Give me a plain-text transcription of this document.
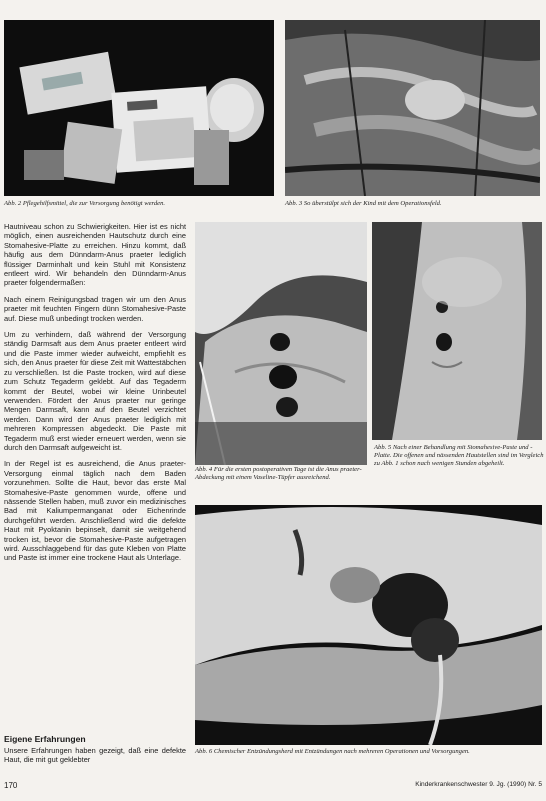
Abb. 2 Pflegehilfsmittel, die zur Versorgung benötigt werden.	Abb. 3 So überstülpt sich der Kind mit dem Operationsfeld.
Abb. 4 Für die ersten postoperativen Tage ist die Anus praeter-Abdeckung mit einem Vaseline-Tüpfer ausreichend.
Abb. 5 Nach einer Behandlung mit Stomahesive-Paste und -Platte. Die offenen und nässenden Hautstellen sind im Vergleich zu Abb. 1 schon nach wenigen Stunden abgeheilt.
Abb. 6 Chemischer Entzündungsherd mit Entzündungen nach mehreren Operationen und Vorsorgungen.

Hautniveau schon zu Schwierigkeiten. Hier ist es nicht möglich, einen ausreichenden Hautschutz durch eine Stomahesive-Platte zu erreichen. Hinzu kommt, daß häufig aus dem Dünndarm-Anus praeter lediglich flüssiger Darminhalt und kein Stuhl mit Konsistenz entleert wird. Wir behandeln den Dünndarm-Anus praeter folgendermaßen:

Nach einem Reinigungsbad tragen wir um den Anus praeter mit feuchten Fingern dünn Stomahesive-Paste auf. Diese muß unbedingt trocken werden.

Um zu verhindern, daß während der Versorgung ständig Darmsaft aus dem Anus praeter entleert wird und die Paste immer wieder aufweicht, empfiehlt es sich, den Anus praeter für diese Zeit mit Wattestäbchen zu verschließen. Ist die Paste trocken, wird auf diese zum Schutz Tegaderm geklebt. Auf das Tegaderm kommt der Beutel, wobei wir kleine Urinbeutel verwenden. Fördert der Anus praeter nur geringe Mengen Darmsaft, kann auf den Beutel verzichtet werden. Dann wird der Anus praeter lediglich mit mehreren Kompressen abgedeckt. Die Paste mit Tegaderm muß erst wieder erneuert werden, wenn sie durch den Darmsaft aufgeweicht ist.

In der Regel ist es ausreichend, die Anus praeter-Versorgung einmal täglich nach dem Baden vorzunehmen. Sollte die Haut, bevor das erste Mal Stomahesive-Paste genommen wurde, offene und nässende Stellen haben, muß zuvor ein medizinisches Bad mit Kaliumpermanganat oder Eichenrinde durchgeführt werden. Anschließend wird die defekte Haut mit Pyoktanin bepinselt, damit sie weitgehend trocken ist, bevor die Stomahesive-Paste aufgetragen wird. Ausschlaggebend für das gute Kleben von Platte und Paste ist immer eine trockene Haut als Unterlage.

Eigene Erfahrungen

Unsere Erfahrungen haben gezeigt, daß eine defekte Haut, die mit gut geklebter

170	Kinderkrankenschwester 9. Jg. (1990) Nr. 5
